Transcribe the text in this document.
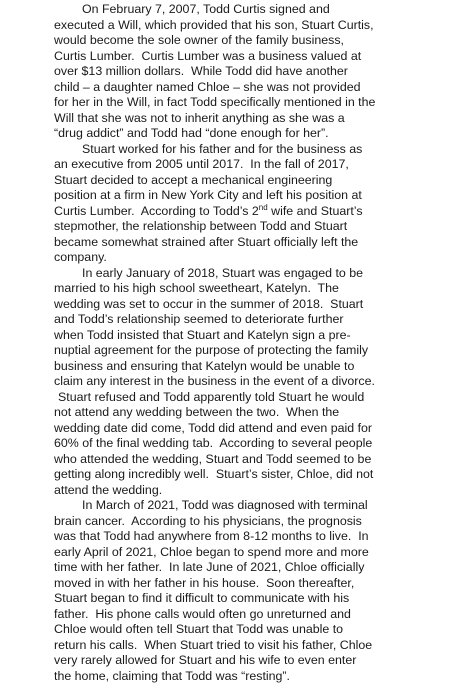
On February 7, 2007, Todd Curtis signed and
executed a Will, which provided that his son, Stuart Curtis,
would become the sole owner of the family business,
Curtis Lumber.  Curtis Lumber was a business valued at
over $13 million dollars.  While Todd did have another
child – a daughter named Chloe – she was not provided
for her in the Will, in fact Todd specifically mentioned in the
Will that she was not to inherit anything as she was a
“drug addict” and Todd had “done enough for her”.
Stuart worked for his father and for the business as
an executive from 2005 until 2017.  In the fall of 2017,
Stuart decided to accept a mechanical engineering
position at a firm in New York City and left his position at
Curtis Lumber.  According to Todd’s 2nd wife and Stuart’s
stepmother, the relationship between Todd and Stuart
became somewhat strained after Stuart officially left the
company.
In early January of 2018, Stuart was engaged to be
married to his high school sweetheart, Katelyn.  The
wedding was set to occur in the summer of 2018.  Stuart
and Todd’s relationship seemed to deteriorate further
when Todd insisted that Stuart and Katelyn sign a pre-
nuptial agreement for the purpose of protecting the family
business and ensuring that Katelyn would be unable to
claim any interest in the business in the event of a divorce.
Stuart refused and Todd apparently told Stuart he would
not attend any wedding between the two.  When the
wedding date did come, Todd did attend and even paid for
60% of the final wedding tab.  According to several people
who attended the wedding, Stuart and Todd seemed to be
getting along incredibly well.  Stuart’s sister, Chloe, did not
attend the wedding.
In March of 2021, Todd was diagnosed with terminal
brain cancer.  According to his physicians, the prognosis
was that Todd had anywhere from 8-12 months to live.  In
early April of 2021, Chloe began to spend more and more
time with her father.  In late June of 2021, Chloe officially
moved in with her father in his house.  Soon thereafter,
Stuart began to find it difficult to communicate with his
father.  His phone calls would often go unreturned and
Chloe would often tell Stuart that Todd was unable to
return his calls.  When Stuart tried to visit his father, Chloe
very rarely allowed for Stuart and his wife to even enter
the home, claiming that Todd was “resting”.
